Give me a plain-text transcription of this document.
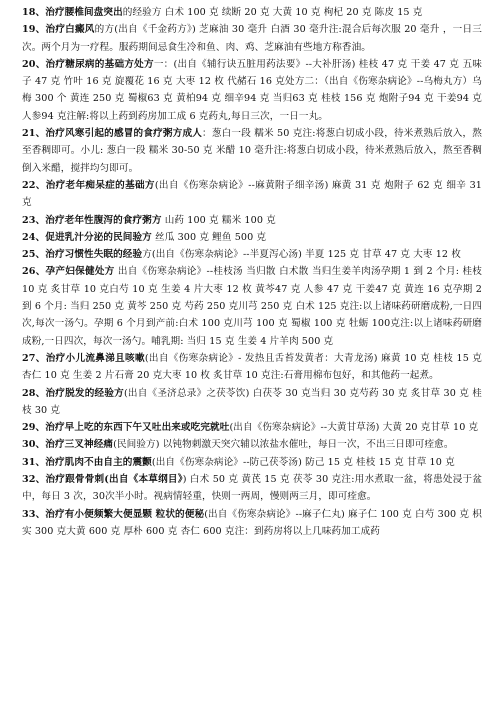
18、治疗腰椎间盘突出的经验方 白术 100 克 续断 20 克 大黄 10 克 枸杞 20 克 陈皮 15 克

19、治疗白癜风的方(出自《千金药方》) 芝麻油 30 毫升 白酒 30 毫升注:混合后每次服 20 毫升 ，一日三次。两个月为一疗程。服药期间忌食生冷和鱼、肉、鸡、芝麻油有些地方称香油。

20、治疗糖尿病的基础方处方一：(出自《辅行诀五脏用药法要》--大补肝汤) 桂枝 47 克 干姜 47 克 五味子 47 克 竹叶 16 克 旋覆花 16 克 大枣 12 枚 代赭石 16 克处方二：（出自《伤寒杂病论》--乌梅丸方）乌梅 300 个 黄连 250 克 蜀椒63 克 黄柏94 克 细辛94 克 当归63 克 桂枝 156 克 炮附子94 克 干姜94 克 人参94 克注解:将以上药到药房加工成 6 克药丸,每日三次，一日一丸。

21、治疗风寒引起的感冒的食疗粥方成人：葱白一段 糯米 50 克注:将葱白切成小段，待米煮熟后放入，熬至香稠即可。小儿: 葱白一段 糯米 30-50 克 米醋 10 毫升注:将葱白切成小段，待米煮熟后放入，熬至香稠倒入米醋，搅拌均匀即可。

22、治疗老年痴呆症的基础方(出自《伤寒杂病论》--麻黄附子细辛汤) 麻黄 31 克 炮附子 62 克 细辛 31 克

23、治疗老年性腹泻的食疗粥方 山药 100 克 糯米 100 克

24、促进乳汁分泌的民间验方 丝瓜 300 克 鲤鱼 500 克

25、治疗习惯性失眠的经验方(出自《伤寒杂病论》--半夏泻心汤) 半夏 125 克 甘草 47 克 大枣 12 枚

26、孕产妇保健处方 出自《伤寒杂病论》--桂枝汤 当归散 白术散 当归生姜羊肉汤孕期 1 到 2 个月: 桂枝 10 克 炙甘草 10 克白芍 10 克 生姜 4 片大枣 12 枚 黄芩47 克 人参 47 克 干姜47 克 黄连 16 克孕期 2 到 6 个月: 当归 250 克 黄芩 250 克 芍药 250 克川芎 250 克 白术 125 克注:以上诸味药研磨成粉,一日四次,每次一汤勺。孕期 6 个月到产前:白术 100 克川芎 100 克 蜀椒 100 克 牡蛎 100克注:以上诸味药研磨成粉,一日四次，每次一汤勺。哺乳期: 当归 15 克 生姜 4 片羊肉 500 克

27、治疗小儿流鼻涕且咳嗽(出自《伤寒杂病论》- 发热且舌苔发黄者：大青龙汤) 麻黄 10 克 桂枝 15 克 杏仁 10 克 生姜 2 片石膏 20 克大枣 10 枚 炙甘草 10 克注:石膏用棉布包好，和其他药一起煮。

28、治疗脱发的经验方(出自《圣济总录》之茯苓饮) 白茯苓 30 克当归 30 克芍药 30 克 炙甘草 30 克 桂枝 30 克

29、治疗早上吃的东西下午又吐出来或吃完就吐(出自《伤寒杂病论》--大黄甘草汤) 大黄 20 克甘草 10 克

30、治疗三叉神经痛(民间验方) 以钝物刺激天突穴辅以浓盐水催吐，每日一次，不出三日即可痊愈。

31、治疗肌肉不由自主的震颤(出自《伤寒杂病论》--防己茯苓汤) 防己 15 克 桂枝 15 克 甘草 10 克

32、治疗跟骨骨刺(出自《本草纲目》) 白术 50 克 黄芪 15 克 茯苓 30 克注:用水煮取一盆，将患处浸于盆中，每日 3 次，30次半小时。视病情轻重，快则一两周，慢则两三月，即可痊愈。

33、治疗有小便频繁大便显颗 粒状的便秘(出自《伤寒杂病论》--麻子仁丸) 麻子仁 100 克 白芍 300 克 枳实 300 克大黄 600 克 厚朴 600 克 杏仁 600 克注：到药房将以上几味药加工成药
